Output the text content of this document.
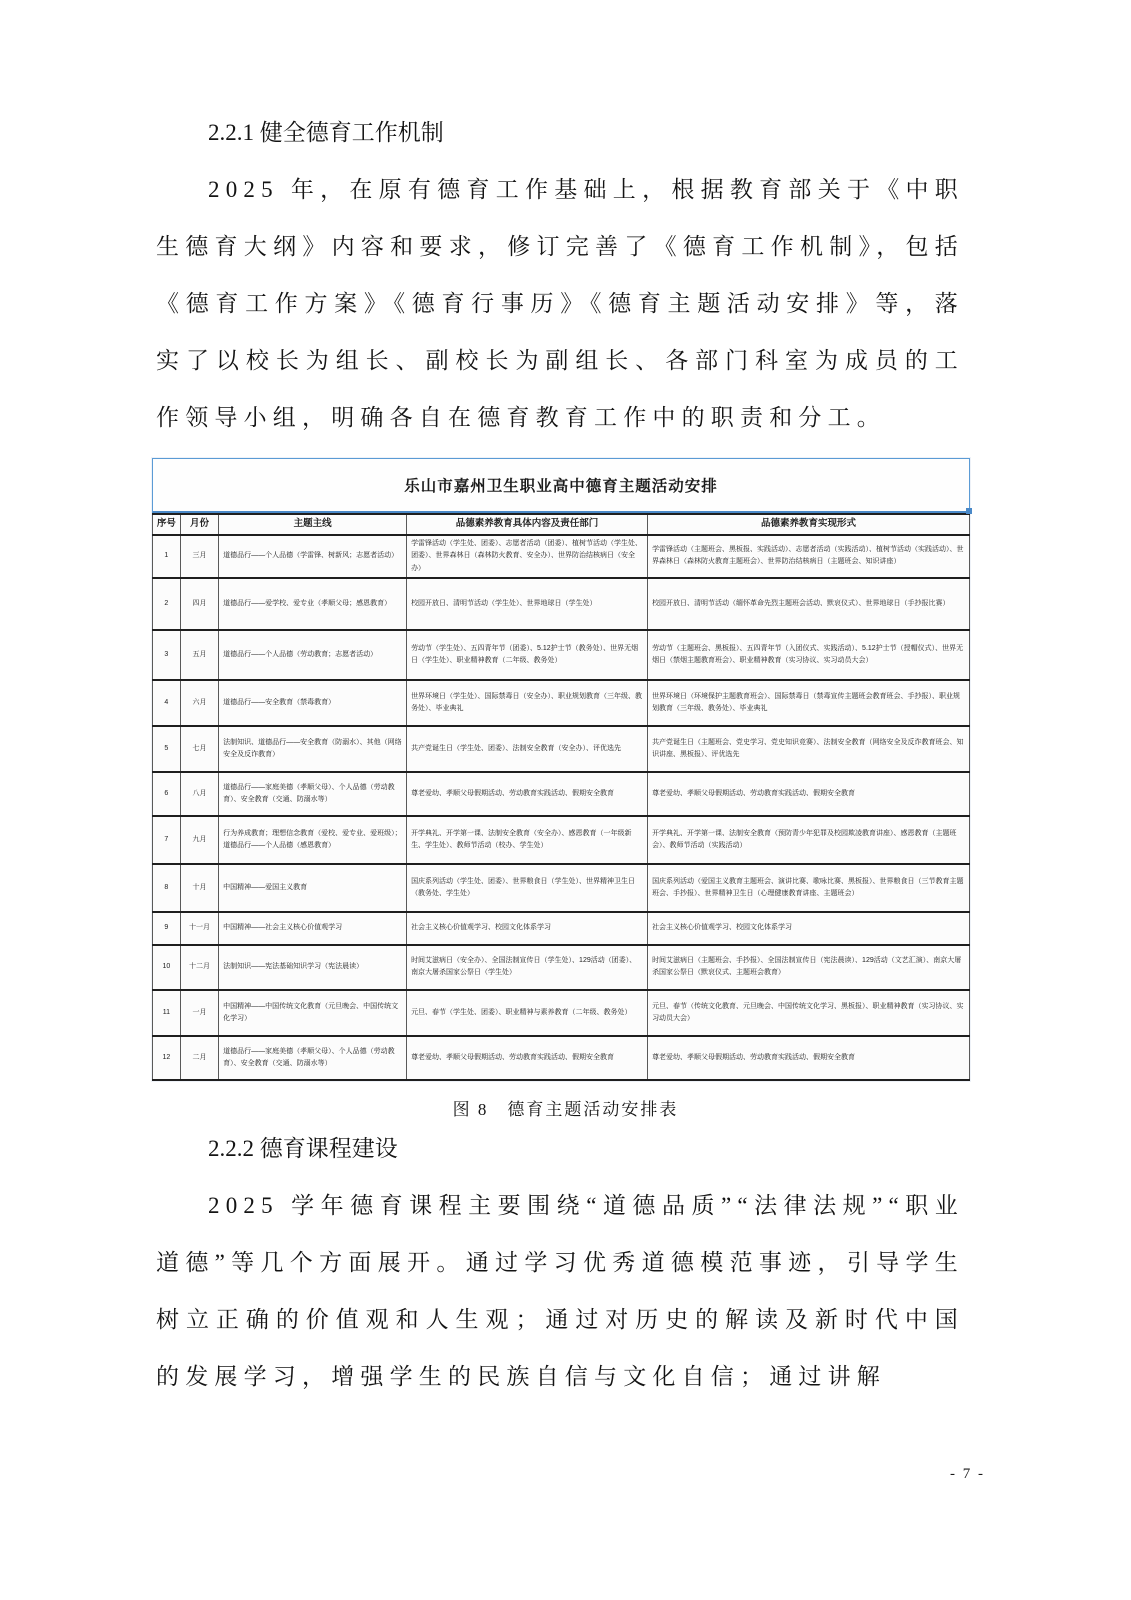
2.2.1 健全德育工作机制

2025 年，在原有德育工作基础上，根据教育部关于《中职生德育大纲》内容和要求，修订完善了《德育工作机制》，包括《德育工作方案》《德育行事历》《德育主题活动安排》等，落实了以校长为组长、副校长为副组长、各部门科室为成员的工作领导小组，明确各自在德育教育工作中的职责和分工。

乐山市嘉州卫生职业高中德育主题活动安排
序号	月份	主题主线	品德素养教育具体内容及责任部门	品德素养教育实现形式
1	三月	道德品行——个人品德（学雷锋、树新风；志愿者活动）	学雷锋活动（学生处、团委）、志愿者活动（团委）、植树节活动（学生处、团委）、世界森林日（森林防火教育、安全办）、世界防治结核病日（安全办）	学雷锋活动（主题班会、黑板报、实践活动）、志愿者活动（实践活动）、植树节活动（实践活动）、世界森林日（森林防火教育主题班会）、世界防治结核病日（主题班会、知识讲座）
2	四月	道德品行——爱学校、爱专业（孝顺父母；感恩教育）	校园开放日、清明节活动（学生处）、世界地球日（学生处）	校园开放日、清明节活动（缅怀革命先烈主题班会活动、默哀仪式）、世界地球日（手抄报比赛）
3	五月	道德品行——个人品德（劳动教育；志愿者活动）	劳动节（学生处）、五四青年节（团委）、5.12护士节（教务处）、世界无烟日（学生处）、职业精神教育（二年级、教务处）	劳动节（主题班会、黑板报）、五四青年节（入团仪式、实践活动）、5.12护士节（授帽仪式）、世界无烟日（禁烟主题教育班会）、职业精神教育（实习协议、实习动员大会）
4	六月	道德品行——安全教育（禁毒教育）	世界环境日（学生处）、国际禁毒日（安全办）、职业规划教育（三年级、教务处）、毕业典礼	世界环境日（环境保护主题教育班会）、国际禁毒日（禁毒宣传主题班会教育班会、手抄报）、职业规划教育（三年级、教务处）、毕业典礼
5	七月	法制知识、道德品行——安全教育（防溺水）、其他（网络安全及反诈教育）	共产党诞生日（学生处、团委）、法制安全教育（安全办）、评优选先	共产党诞生日（主题班会、党史学习、党史知识竞赛）、法制安全教育（网络安全及反诈教育班会、知识讲座、黑板报）、评优选先
6	八月	道德品行——家庭美德（孝顺父母）、个人品德（劳动教育）、安全教育（交通、防溺水等）	尊老爱幼、孝顺父母假期活动、劳动教育实践活动、假期安全教育	尊老爱幼、孝顺父母假期活动、劳动教育实践活动、假期安全教育
7	九月	行为养成教育；理想信念教育（爱校、爱专业、爱班级）；道德品行——个人品德（感恩教育）	开学典礼、开学第一课、法制安全教育（安全办）、感恩教育（一年级新生、学生处）、教师节活动（校办、学生处）	开学典礼、开学第一课、法制安全教育（预防青少年犯罪及校园欺凌教育讲座）、感恩教育（主题班会）、教师节活动（实践活动）
8	十月	中国精神——爱国主义教育	国庆系列活动（学生处、团委）、世界粮食日（学生处）、世界精神卫生日（教务处、学生处）	国庆系列活动（爱国主义教育主题班会、演讲比赛、歌咏比赛、黑板报）、世界粮食日（三节教育主题班会、手抄报）、世界精神卫生日（心理健康教育讲座、主题班会）
9	十一月	中国精神——社会主义核心价值观学习	社会主义核心价值观学习、校园文化体系学习	社会主义核心价值观学习、校园文化体系学习
10	十二月	法制知识——宪法基础知识学习（宪法晨读）	时间艾滋病日（安全办）、全国法制宣传日（学生处）、129活动（团委）、南京大屠杀国家公祭日（学生处）	时间艾滋病日（主题班会、手抄报）、全国法制宣传日（宪法晨读）、129活动（文艺汇演）、南京大屠杀国家公祭日（默哀仪式、主题班会教育）
11	一月	中国精神——中国传统文化教育（元旦晚会、中国传统文化学习）	元旦、春节（学生处、团委）、职业精神与素养教育（二年级、教务处）	元旦、春节（传统文化教育、元旦晚会、中国传统文化学习、黑板报）、职业精神教育（实习协议、实习动员大会）
12	二月	道德品行——家庭美德（孝顺父母）、个人品德（劳动教育）、安全教育（交通、防溺水等）	尊老爱幼、孝顺父母假期活动、劳动教育实践活动、假期安全教育	尊老爱幼、孝顺父母假期活动、劳动教育实践活动、假期安全教育
图 8　德育主题活动安排表
2.2.2 德育课程建设

2025 学年德育课程主要围绕“道德品质”“法律法规”“职业道德”等几个方面展开。通过学习优秀道德模范事迹，引导学生树立正确的价值观和人生观；通过对历史的解读及新时代中国的发展学习，增强学生的民族自信与文化自信；通过讲解

- 7 -
